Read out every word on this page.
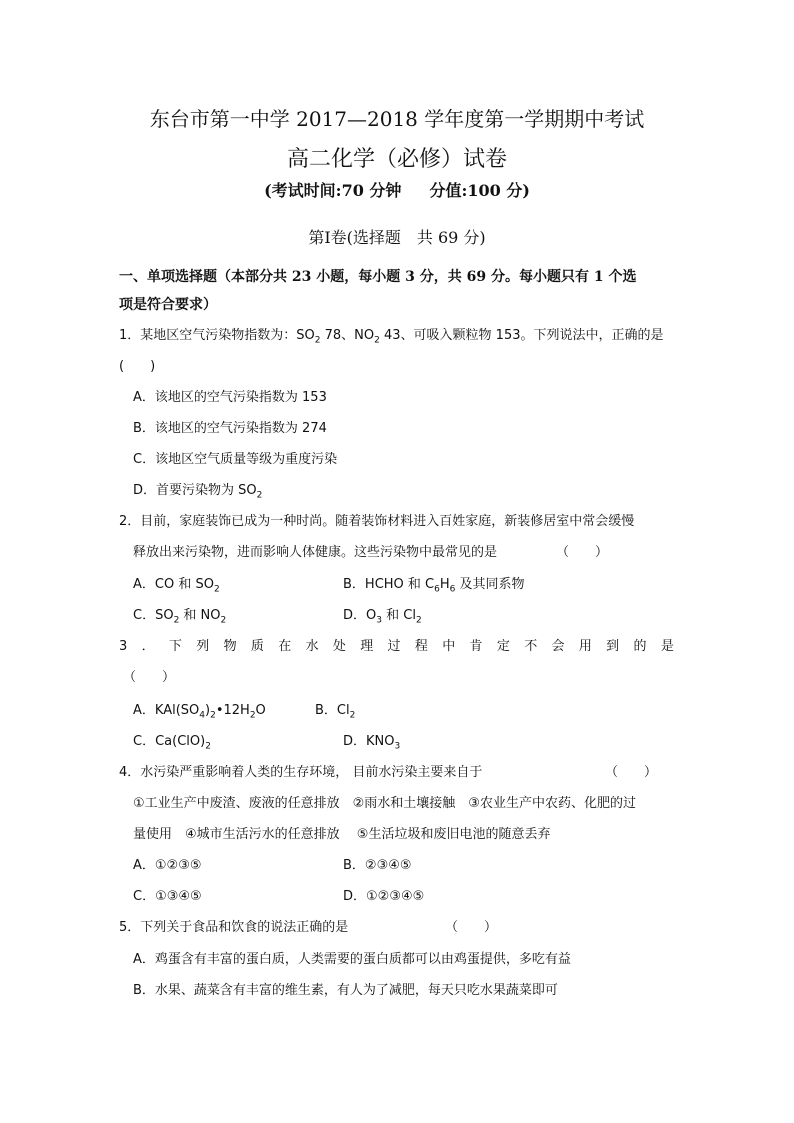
东台市第一中学 2017—2018 学年度第一学期期中考试
高二化学（必修）试卷
(考试时间:70 分钟 分值:100 分)
第Ⅰ卷(选择题　共 69 分)
一、单项选择题（本部分共 23 小题，每小题 3 分，共 69 分。每小题只有 1 个选
项是符合要求）
1．某地区空气污染物指数为：$SO_2$ 78、$NO_2$ 43、可吸入颗粒物 153。下列说法中，正确的是
(　　)
A．该地区的空气污染指数为 153
B．该地区的空气污染指数为 274
C．该地区空气质量等级为重度污染
D．首要污染物为 $SO_2$
2．目前，家庭装饰已成为一种时尚。随着装饰材料进入百姓家庭，新装修居室中常会缓慢
释放出来污染物，进而影响人体健康。这些污染物中最常见的是	（　　）
A．CO 和 $SO_2$	B．HCHO 和 $C_6H_6$ 及其同系物
C．$SO_2$ 和 $NO_2$	D．$O_3$ 和 $Cl_2$
3 ． 下 列 物 质 在 水 处 理 过 程 中 肯 定 不 会 用 到 的 是
（　　）
A．$KAl(SO_4)_2•12H_2O$	B．$Cl_2$
C．$Ca(ClO)_2$	D．$KNO_3$
4．水污染严重影响着人类的生存环境， 目前水污染主要来自于	（　　）
①工业生产中废渣、废液的任意排放　②雨水和土壤接触　③农业生产中农药、化肥的过
量使用　④城市生活污水的任意排放　 ⑤生活垃圾和废旧电池的随意丢弃
A．①②③⑤	B．②③④⑤
C．①③④⑤	D．①②③④⑤
5．下列关于食品和饮食的说法正确的是	（　　）
A．鸡蛋含有丰富的蛋白质，人类需要的蛋白质都可以由鸡蛋提供，多吃有益
B．水果、蔬菜含有丰富的维生素，有人为了减肥，每天只吃水果蔬菜即可
